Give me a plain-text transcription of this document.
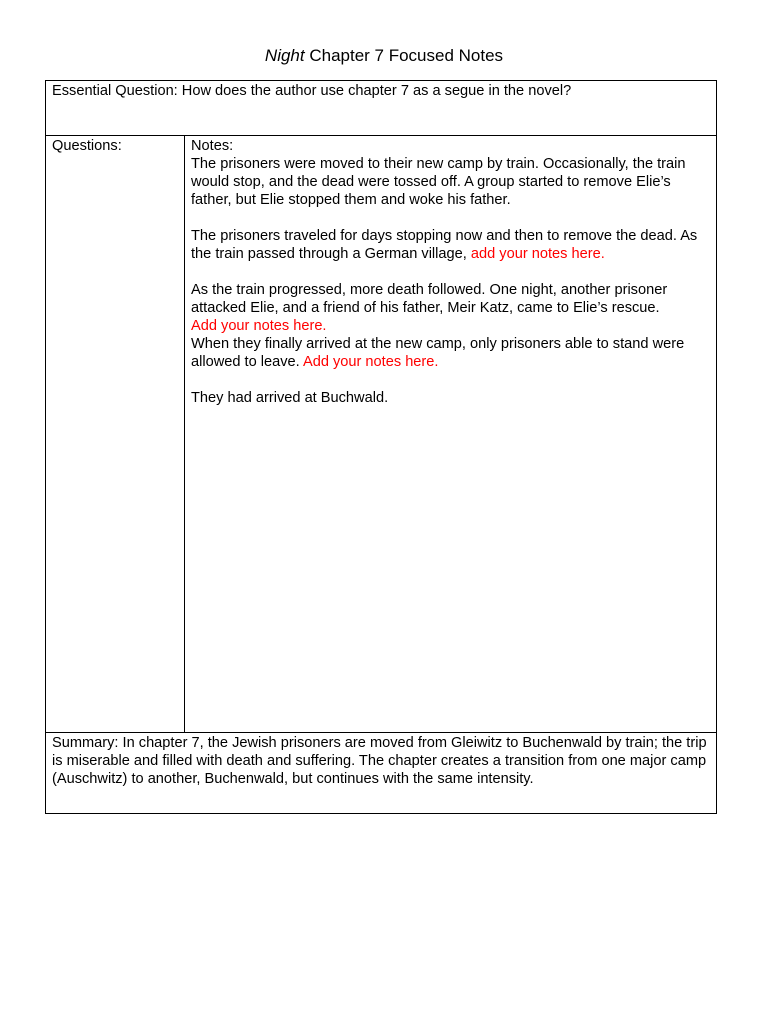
Night Chapter 7 Focused Notes
Essential Question: How does the author use chapter 7 as a segue in the novel?
Questions:	Notes:
The prisoners were moved to their new camp by train. Occasionally, the train would stop, and the dead were tossed off. A group started to remove Elie’s father, but Elie stopped them and woke his father.
The prisoners traveled for days stopping now and then to remove the dead. As the train passed through a German village, add your notes here.
As the train progressed, more death followed. One night, another prisoner attacked Elie, and a friend of his father, Meir Katz, came to Elie’s rescue.
Add your notes here.
When they finally arrived at the new camp, only prisoners able to stand were allowed to leave. Add your notes here.
They had arrived at Buchwald.
Summary: In chapter 7, the Jewish prisoners are moved from Gleiwitz to Buchenwald by train; the trip is miserable and filled with death and suffering. The chapter creates a transition from one major camp (Auschwitz) to another, Buchenwald, but continues with the same intensity.
